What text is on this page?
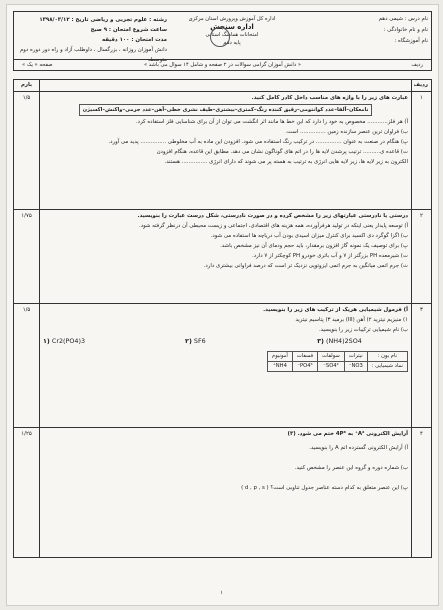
نام درس : شیمی دهم
نام و نام خانوادگی :
نام آموزشگاه :
اداره کل آموزش وپرورش استان مرکزی
اداره سنجش
امتحانات هماهنگ استانی
پایه دهم
رشته : علوم تجربی و ریاضی تاریخ : ۱۳۹۸/۰۳/۱۲
ساعت شروع امتحان : ۹ صبح
مدت امتحان : ۱۰۰ دقیقه
دانش آموزان روزانه ، بزرگسال ، داوطلب آزاد و راه دور دوره دوم متوسطه
ردیف
« دانش آموزان گرامی سوالات در ۲ صفحه و شامل ۱۴ سوال می باشد »
صفحه « یک »
ردیف		بارم
۱	
عبارت های زیر را با واژه های مناسب داخل کادر کامل کنید.
نامعکان–آلفا–عدد کوانتومی–رقیق کننده رنگ–کمتری–بیشتری–طیف نشری خطی–آهن–عدد جرمی–واکنش–اکسیژن
آ) هر فلز............ مخصوص به خود را دارد که این خط ها مانند اثر انگشت می توان از آن برای شناسایی فلز استفاده کرد.
ب) فراوان ترین عنصر سازنده زمین ............... است.
پ) هنگام در صنعت به عنوان ............... در ترکیب رنگ استفاده می شود. افزودن این ماده به آب مخلوطی ............... پدید می آورد.
ت) قاعده ی.......... ترتیب پرشدن لایه ها را در اتم های گوناگون نشان می دهد. مطابق این قاعده، هنگام افزودن
الکترون به زیر لایه ها، زیر لایه هایی انرژی به ترتیب به هسته پر می شوند که دارای انرژی ............... هستند.
	۱/۵
۲	
درستی یا نادرستی عبارتهای زیر را مشخص کرده و در صورت نادرستی، شکل درست عبارت را بنویسید.
آ) توسعه پایدار یعنی اینکه در تولید هرفرآورده، همه هزینه های اقتصادی، اجتماعی و زیست محیطی آن درنظر گرفته شود.
ب) اگزا گوگرد دی اکسید برای کنترل میزان اسیدی بودن آب دریاچه ها استفاده می شود.
پ) برای توصیف یک نمونه گاز افزون برمقدار، باید حجم ودمای آن نیز مشخص باشد.
ت) شیرمعده PH بزرگتر از ۷ و آب باتری خودرو PH کوچکتر از ۷ دارد.
ث) جرم اتمی میانگین به جرم اتمی ایزوتوپی نزدیک تر است که درصد فراوانی بیشتری دارد.
	۱/۷۵
۳	
آ) فرمول شیمیایی هریک از ترکیب های زیر را بنویسید.
۱) منیزیم نیترید ۲) آهن (III) برمید ۳) پتاسیم نیترید
ب) نام شیمیایی ترکیبات زیر را بنویسید.
۱) Cr2(PO4)3	۲) SF6	۳) (NH4)2SO4
نام یون :	نیترات	سولفات	فسفات	آمونیوم
نماد شیمیایی :	NO3⁻	SO4²⁻	PO4³⁻	NH4⁺
	۱/۵
۴	
آرایش الکترونی A²⁺ به 4P⁶ ختم می شود. (۳)
آ) آرایش الکترونی گسترده اتم A را بنویسید.
ب) شماره دوره و گروه این عنصر را مشخص کنید.
پ) این عنصر متعلق به کدام دسته عناصر جدول تناوبی است؟ ( d , p , s )
	۱/۲۵
۱
